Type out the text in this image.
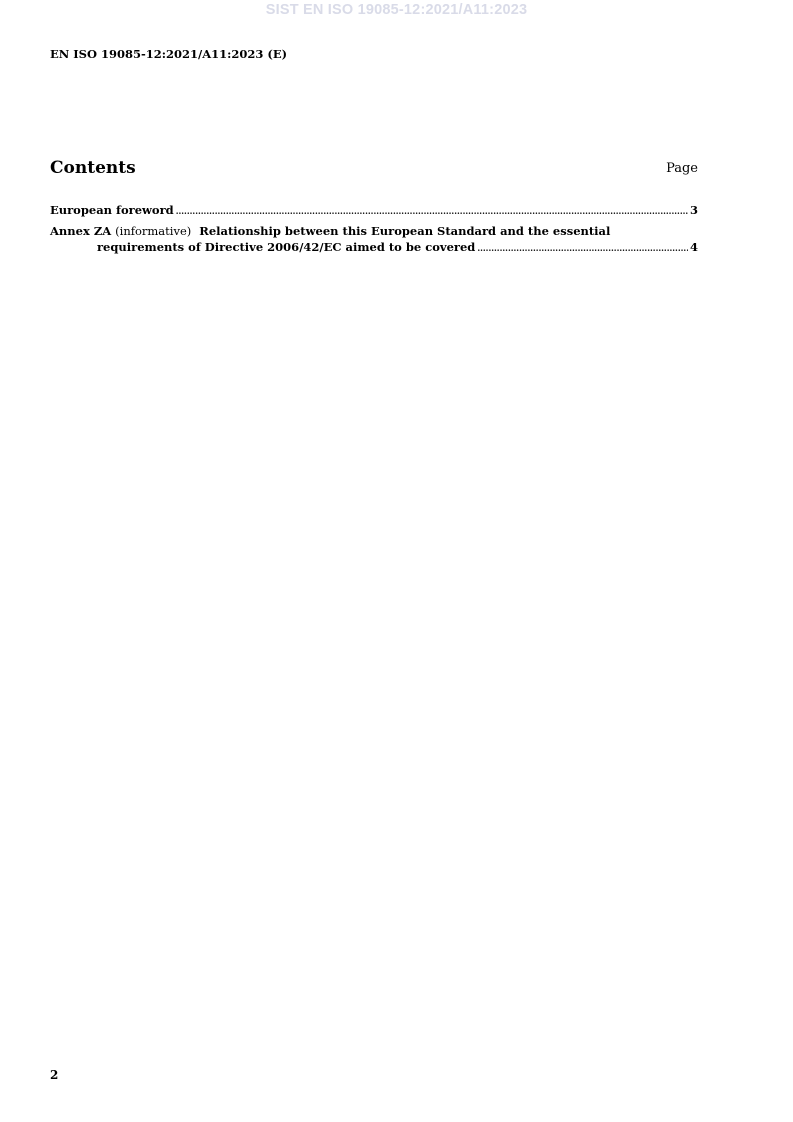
SIST EN ISO 19085-12:2021/A11:2023
EN ISO 19085-12:2021/A11:2023 (E)
Contents	Page
European foreword .....	3
Annex ZA (informative) Relationship between this European Standard and the essential
requirements of Directive 2006/42/EC aimed to be covered .....	4
2
